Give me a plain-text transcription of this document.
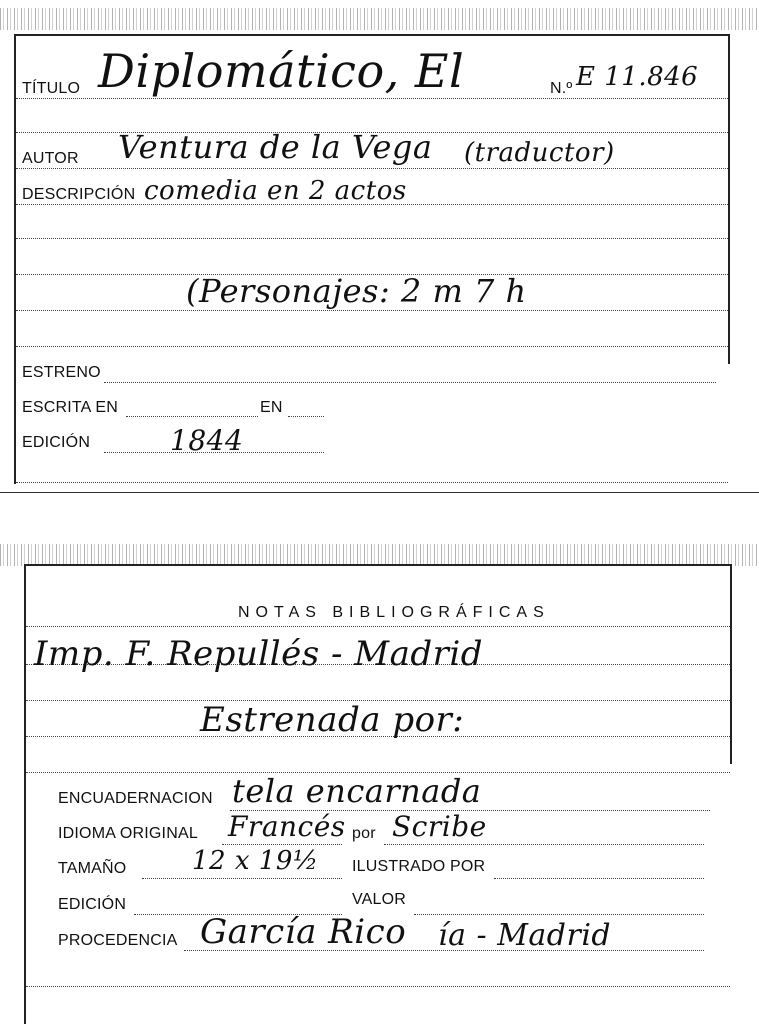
TÍTULO Diplomático, El	N.º E 11.846
AUTOR Ventura de la Vega (traductor)
DESCRIPCIÓN comedia en 2 actos
(Personajes: 2 m 7 h
ESTRENO
ESCRITA EN	EN
EDICIÓN	1844
NOTAS BIBLIOGRÁFICAS
Imp. F. Repullés - Madrid
Estrenada por:
ENCUADERNACION tela encarnada
IDIOMA ORIGINAL Francés por Scribe
TAMAÑO	12 x 19½ ILUSTRADO POR
EDICIÓN	VALOR
PROCEDENCIA García Rico ía - Madrid
